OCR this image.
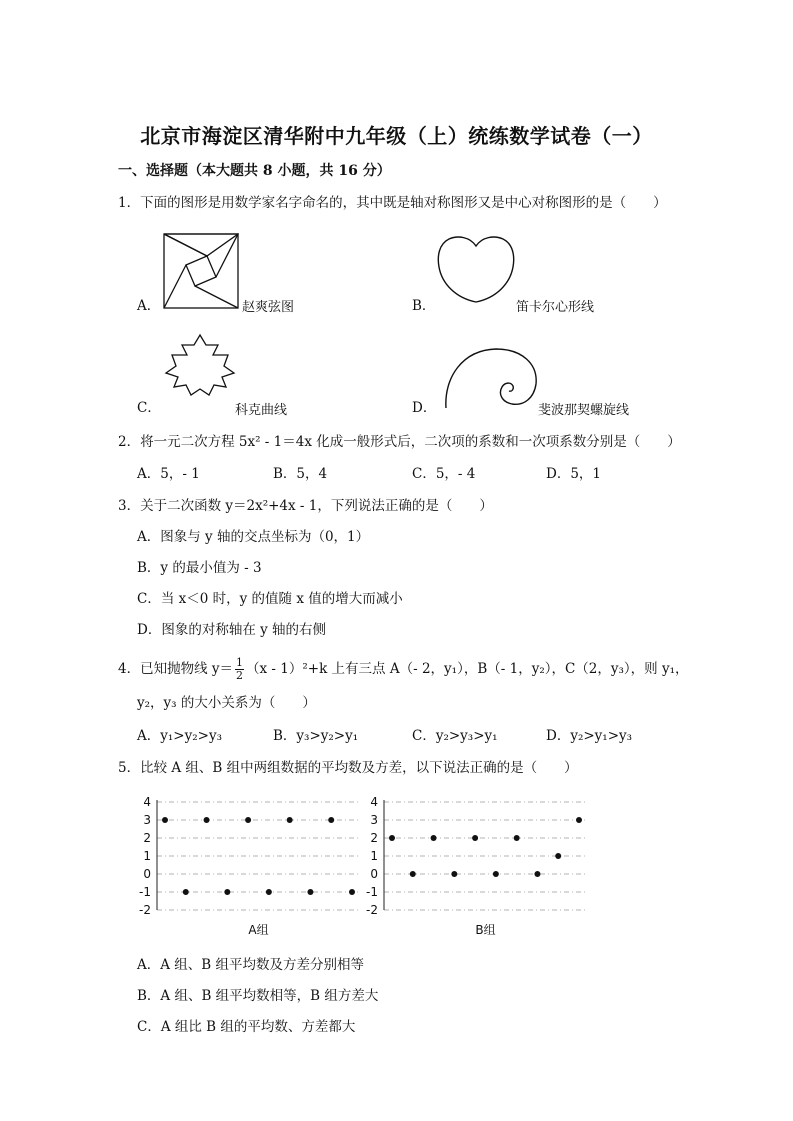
北京市海淀区清华附中九年级（上）统练数学试卷（一）
一、选择题（本大题共 8 小题，共 16 分）
1．下面的图形是用数学家名字命名的，其中既是轴对称图形又是中心对称图形的是（　　）
A．	赵爽弦图	B．	笛卡尔心形线
C．	科克曲线	D．	斐波那契螺旋线
2．将一元二次方程 5x² - 1＝4x 化成一般形式后，二次项的系数和一次项系数分别是（　　）
A．5，- 1	B．5，4	C．5，- 4	D．5，1
3．关于二次函数 y＝2x²+4x - 1，下列说法正确的是（　　）
A．图象与 y 轴的交点坐标为（0，1）
B．y 的最小值为 - 3
C．当 x＜0 时，y 的值随 x 值的增大而减小
D．图象的对称轴在 y 轴的右侧
4．已知抛物线 $y= \frac{1}{2} (x - 1)^2+k$ 上有三点 A（- 2，y₁），B（- 1，y₂），C（2，y₃），则 y₁，
y₂，y₃ 的大小关系为（　　）
A．y₁>y₂>y₃	B．y₃>y₂>y₁	C．y₂>y₃>y₁	D．y₂>y₁>y₃
5．比较 A 组、B 组中两组数据的平均数及方差，以下说法正确的是（　　）
4
3
2
1
0
-1
-2
A组
4
3
2
1
0
-1
-2
B组
A．A 组、B 组平均数及方差分别相等
B．A 组、B 组平均数相等，B 组方差大
C．A 组比 B 组的平均数、方差都大
